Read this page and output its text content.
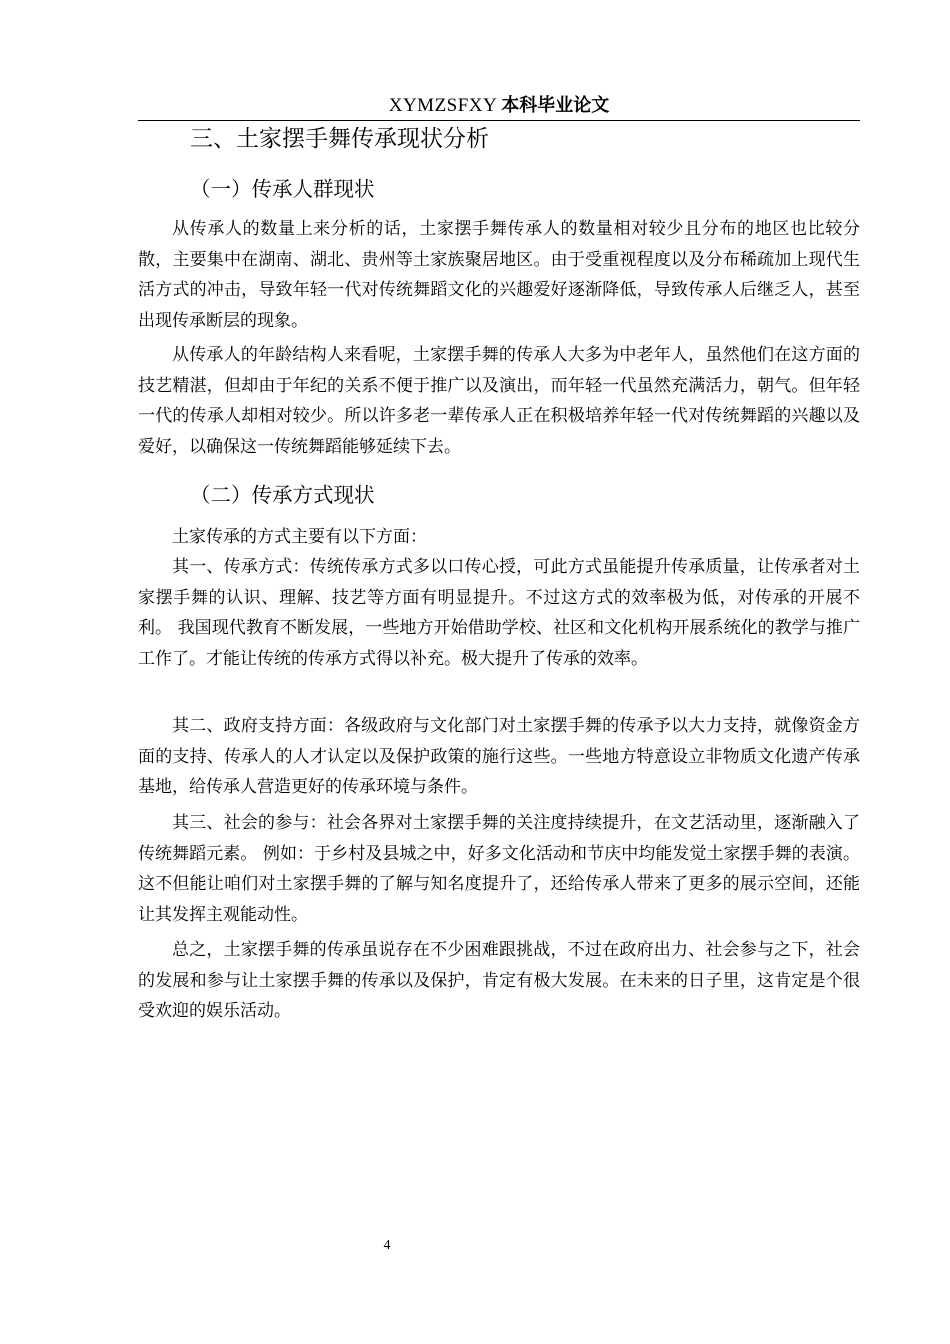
XYMZSFXY 本科毕业论文
三、土家摆手舞传承现状分析
（一）传承人群现状

从传承人的数量上来分析的话，土家摆手舞传承人的数量相对较少且分布的地区也比较分散，主要集中在湖南、湖北、贵州等土家族聚居地区。由于受重视程度以及分布稀疏加上现代生活方式的冲击，导致年轻一代对传统舞蹈文化的兴趣爱好逐渐降低，导致传承人后继乏人，甚至出现传承断层的现象。

从传承人的年龄结构人来看呢，土家摆手舞的传承人大多为中老年人，虽然他们在这方面的技艺精湛，但却由于年纪的关系不便于推广以及演出，而年轻一代虽然充满活力，朝气。但年轻一代的传承人却相对较少。所以许多老一辈传承人正在积极培养年轻一代对传统舞蹈的兴趣以及爱好，以确保这一传统舞蹈能够延续下去。

（二）传承方式现状

土家传承的方式主要有以下方面：

其一、传承方式：传统传承方式多以口传心授，可此方式虽能提升传承质量，让传承者对土家摆手舞的认识、理解、技艺等方面有明显提升。不过这方式的效率极为低，对传承的开展不利。 我国现代教育不断发展，一些地方开始借助学校、社区和文化机构开展系统化的教学与推广工作了。才能让传统的传承方式得以补充。极大提升了传承的效率。

其二、政府支持方面：各级政府与文化部门对土家摆手舞的传承予以大力支持，就像资金方面的支持、传承人的人才认定以及保护政策的施行这些。一些地方特意设立非物质文化遗产传承基地，给传承人营造更好的传承环境与条件。

其三、社会的参与：社会各界对土家摆手舞的关注度持续提升，在文艺活动里，逐渐融入了传统舞蹈元素。 例如：于乡村及县城之中，好多文化活动和节庆中均能发觉土家摆手舞的表演。 这不但能让咱们对土家摆手舞的了解与知名度提升了，还给传承人带来了更多的展示空间，还能让其发挥主观能动性。

总之，土家摆手舞的传承虽说存在不少困难跟挑战，不过在政府出力、社会参与之下，社会的发展和参与让土家摆手舞的传承以及保护，肯定有极大发展。在未来的日子里，这肯定是个很受欢迎的娱乐活动。

4
